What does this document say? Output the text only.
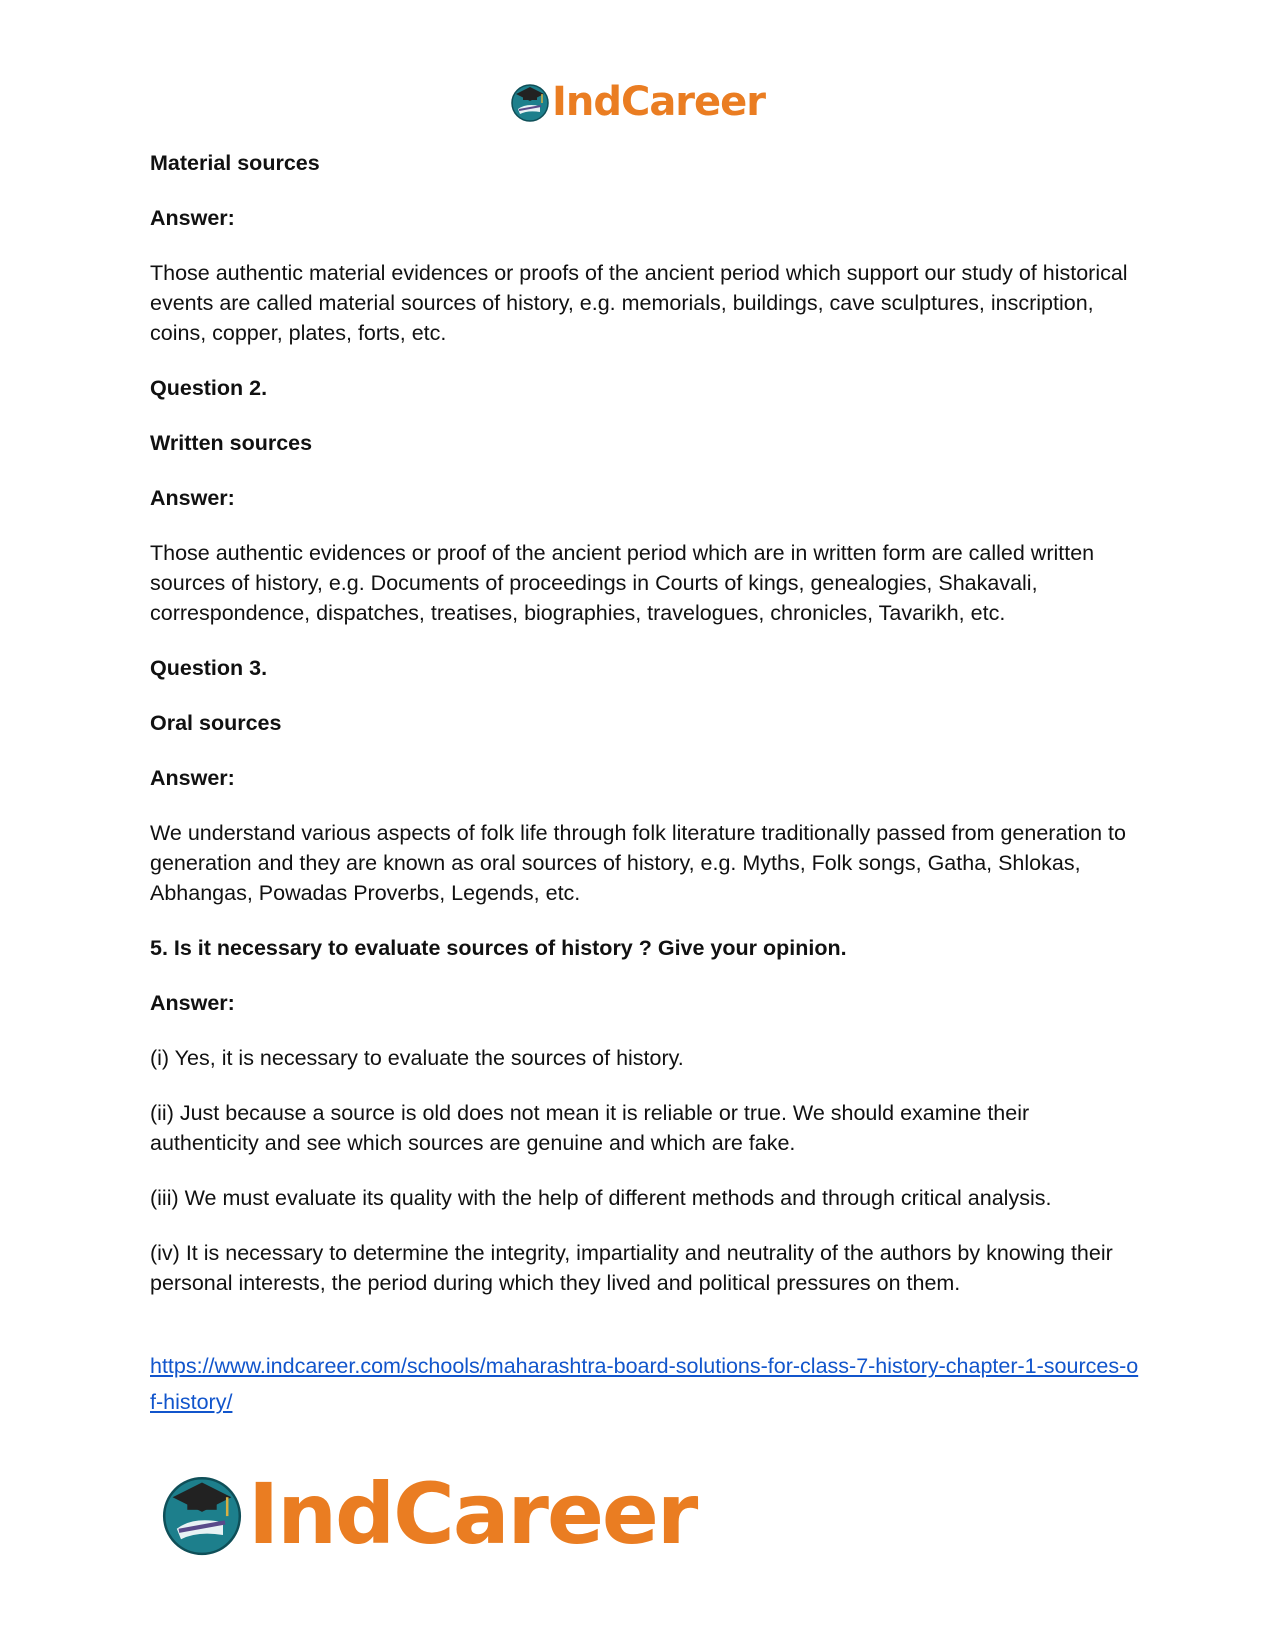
IndCareer

Material sources

Answer:

Those authentic material evidences or proofs of the ancient period which support our study of historical events are called material sources of history, e.g. memorials, buildings, cave sculptures, inscription, coins, copper, plates, forts, etc.

Question 2.

Written sources

Answer:

Those authentic evidences or proof of the ancient period which are in written form are called written sources of history, e.g. Documents of proceedings in Courts of kings, genealogies, Shakavali, correspondence, dispatches, treatises, biographies, travelogues, chronicles, Tavarikh, etc.

Question 3.

Oral sources

Answer:

We understand various aspects of folk life through folk literature traditionally passed from generation to generation and they are known as oral sources of history, e.g. Myths, Folk songs, Gatha, Shlokas, Abhangas, Powadas Proverbs, Legends, etc.

5. Is it necessary to evaluate sources of history ? Give your opinion.

Answer:

(i) Yes, it is necessary to evaluate the sources of history.

(ii) Just because a source is old does not mean it is reliable or true. We should examine their authenticity and see which sources are genuine and which are fake.

(iii) We must evaluate its quality with the help of different methods and through critical analysis.

(iv) It is necessary to determine the integrity, impartiality and neutrality of the authors by knowing their personal interests, the period during which they lived and political pressures on them.

https://www.indcareer.com/schools/maharashtra-board-solutions-for-class-7-history-chapter-1-sources-of-history/
IndCareer
